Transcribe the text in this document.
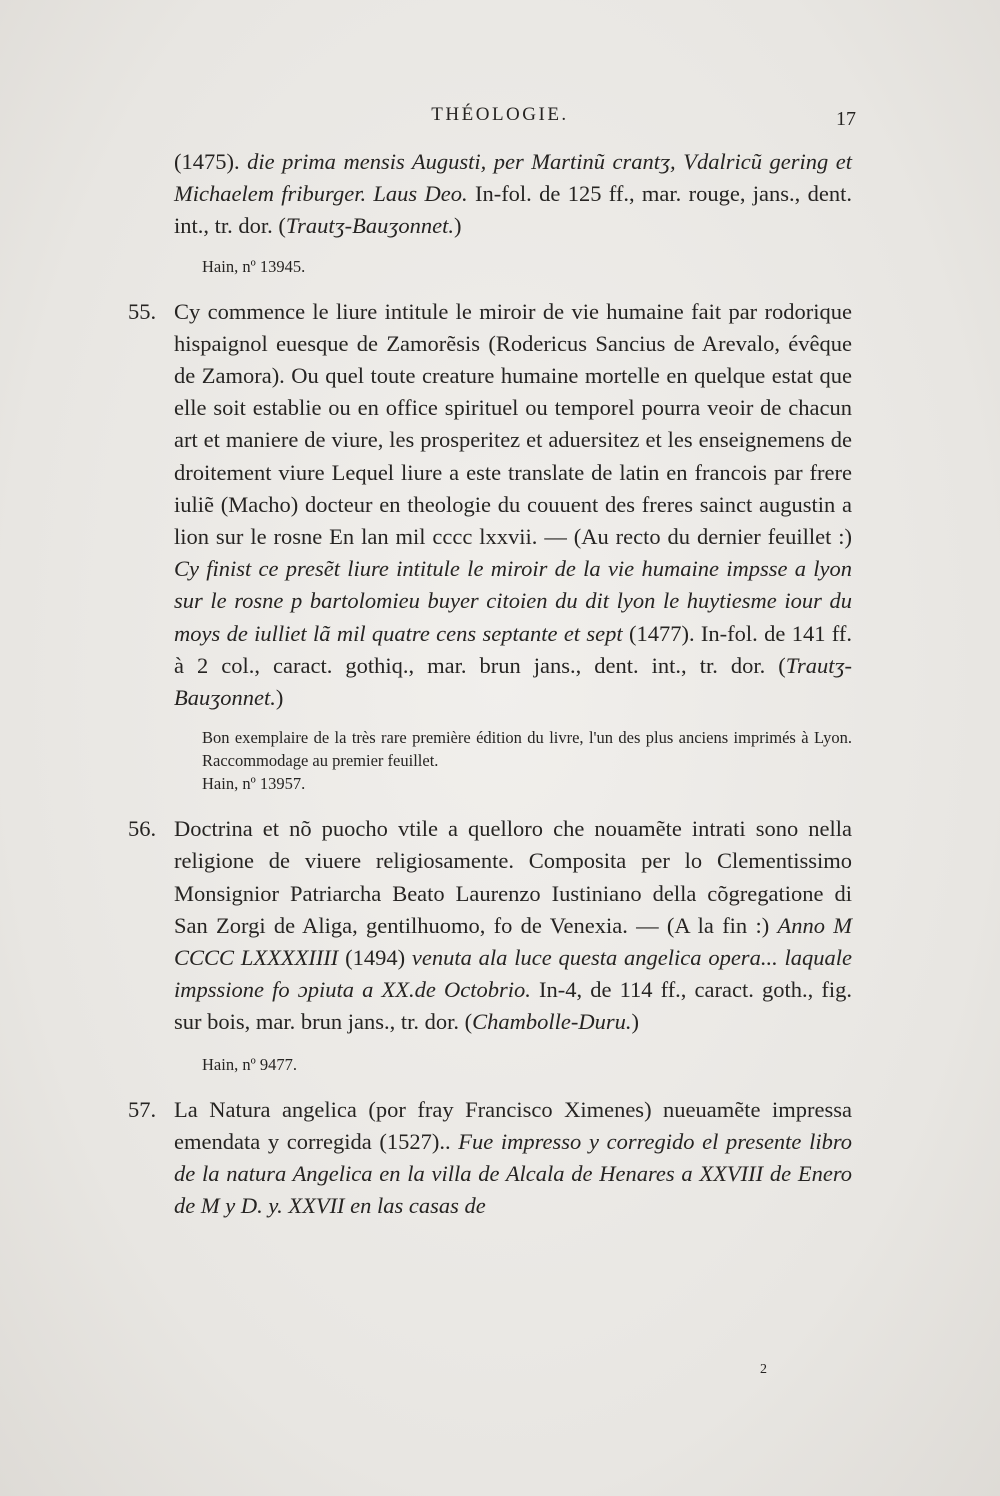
THÉOLOGIE.	17
(1475). die prima mensis Augusti, per Martinũ crantʒ, Vdalricũ gering et Michaelem friburger. Laus Deo. In-fol. de 125 ff., mar. rouge, jans., dent. int., tr. dor. (Trautʒ-Bauʒonnet.)
Hain, nº 13945.
55. Cy commence le liure intitule le miroir de vie humaine fait par rodorique hispaignol euesque de Zamorẽsis (Rodericus Sancius de Arevalo, évêque de Zamora). Ou quel toute creature humaine mortelle en quelque estat que elle soit establie ou en office spirituel ou temporel pourra veoir de chacun art et maniere de viure, les prosperitez et aduersitez et les enseignemens de droitement viure Lequel liure a este translate de latin en francois par frere iuliẽ (Macho) docteur en theologie du couuent des freres sainct augustin a lion sur le rosne En lan mil cccc lxxvii. — (Au recto du dernier feuillet :) Cy finist ce presẽt liure intitule le miroir de la vie humaine impsse a lyon sur le rosne p bartolomieu buyer citoien du dit lyon le huytiesme iour du moys de iulliet lã mil quatre cens septante et sept (1477). In-fol. de 141 ff. à 2 col., caract. gothiq., mar. brun jans., dent. int., tr. dor. (Trautʒ-Bauʒonnet.)
Bon exemplaire de la très rare première édition du livre, l'un des plus anciens imprimés à Lyon. Raccommodage au premier feuillet.
Hain, nº 13957.
56. Doctrina et nõ puocho vtile a quelloro che nouamẽte intrati sono nella religione de viuere religiosamente. Composita per lo Clementissimo Monsignior Patriarcha Beato Laurenzo Iustiniano della cõgregatione di San Zorgi de Aliga, gentilhuomo, fo de Venexia. — (A la fin :) Anno M CCCC LXXXXIIII (1494) venuta ala luce questa angelica opera... laquale impssione fo ɔpiuta a XX.de Octobrio. In-4, de 114 ff., caract. goth., fig. sur bois, mar. brun jans., tr. dor. (Chambolle-Duru.)
Hain, nº 9477.
57. La Natura angelica (por fray Francisco Ximenes) nueuamẽte impressa emendata y corregida (1527).. Fue impresso y corregido el presente libro de la natura Angelica en la villa de Alcala de Henares a XXVIII de Enero de M y D. y. XXVII en las casas de
2
